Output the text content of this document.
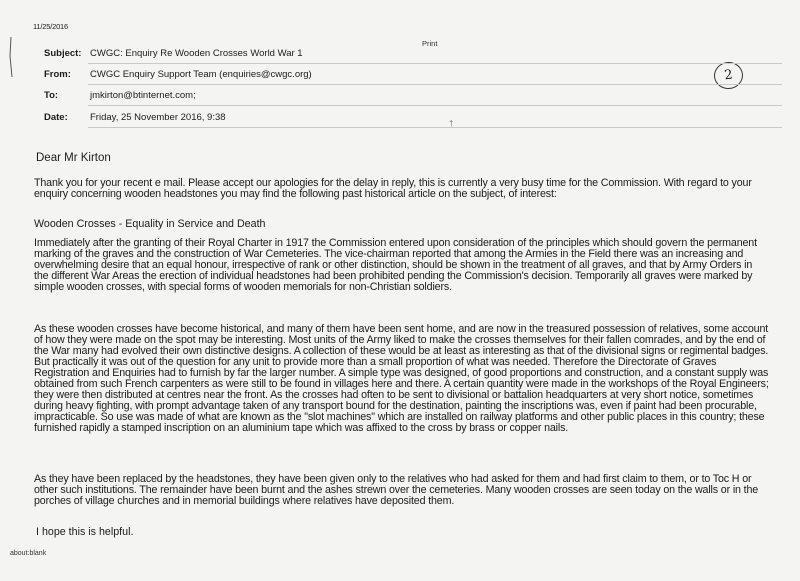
11/25/2016
Print
2
Subject: CWGC: Enquiry Re Wooden Crosses World War 1
From: CWGC Enquiry Support Team (enquiries@cwgc.org)
To:	jmkirton@btinternet.com;
Date: Friday, 25 November 2016, 9:38
†
Dear Mr Kirton

Thank you for your recent e mail. Please accept our apologies for the delay in reply, this is currently a very busy time for the Commission. With regard to your enquiry concerning wooden headstones you may find the following past historical article on the subject, of interest:

Wooden Crosses - Equality in Service and Death

Immediately after the granting of their Royal Charter in 1917 the Commission entered upon consideration of the principles which should govern the permanent marking of the graves and the construction of War Cemeteries. The vice-chairman reported that among the Armies in the Field there was an increasing and overwhelming desire that an equal honour, irrespective of rank or other distinction, should be shown in the treatment of all graves, and that by Army Orders in the different War Areas the erection of individual headstones had been prohibited pending the Commission's decision. Temporarily all graves were marked by simple wooden crosses, with special forms of wooden memorials for non-Christian soldiers.

As these wooden crosses have become historical, and many of them have been sent home, and are now in the treasured possession of relatives, some account of how they were made on the spot may be interesting. Most units of the Army liked to make the crosses themselves for their fallen comrades, and by the end of the War many had evolved their own distinctive designs. A collection of these would be at least as interesting as that of the divisional signs or regimental badges. But practically it was out of the question for any unit to provide more than a small proportion of what was needed. Therefore the Directorate of Graves Registration and Enquiries had to furnish by far the larger number. A simple type was designed, of good proportions and construction, and a constant supply was obtained from such French carpenters as were still to be found in villages here and there. A certain quantity were made in the workshops of the Royal Engineers; they were then distributed at centres near the front. As the crosses had often to be sent to divisional or battalion headquarters at very short notice, sometimes during heavy fighting, with prompt advantage taken of any transport bound for the destination, painting the inscriptions was, even if paint had been procurable, impracticable. So use was made of what are known as the "slot machines" which are installed on railway platforms and other public places in this country; these furnished rapidly a stamped inscription on an aluminium tape which was affixed to the cross by brass or copper nails.

As they have been replaced by the headstones, they have been given only to the relatives who had asked for them and had first claim to them, or to Toc H or other such institutions. The remainder have been burnt and the ashes strewn over the cemeteries. Many wooden crosses are seen today on the walls or in the porches of village churches and in memorial buildings where relatives have deposited them.

I hope this is helpful.
about:blank
